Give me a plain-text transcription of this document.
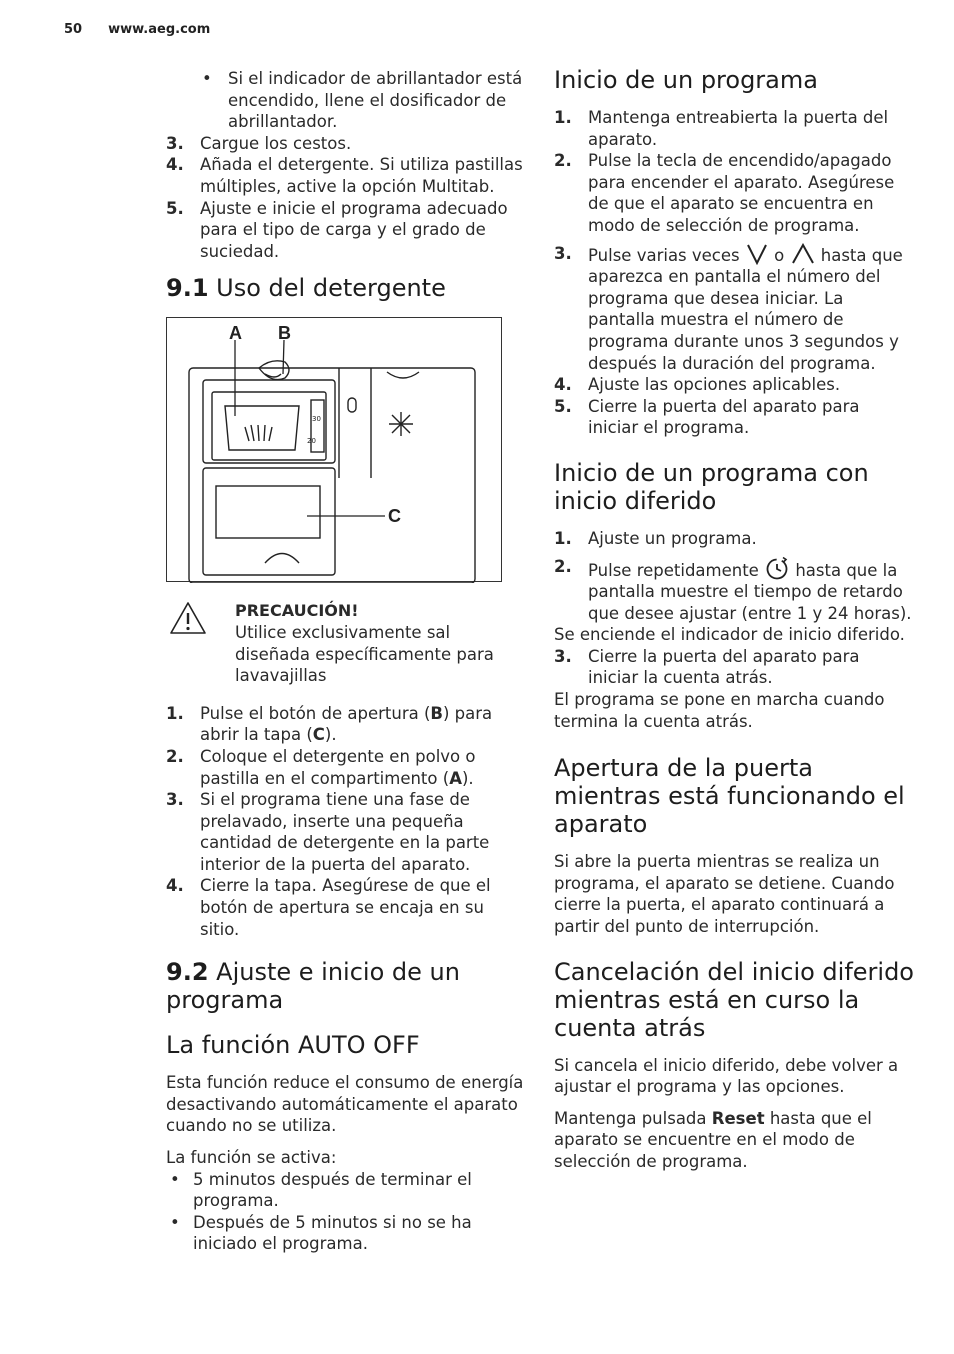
50 www.aeg.com
• Si el indicador de abrillantador está encendido, llene el dosificador de abrillantador.
3. Cargue los cestos.
4. Añada el detergente. Si utiliza pastillas múltiples, active la opción Multitab.
5. Ajuste e inicie el programa adecuado para el tipo de carga y el grado de suciedad.
9.1 Uso del detergente
A B
C
30
20
PRECAUCIÓN!
Utilice exclusivamente sal diseñada específicamente para lavavajillas
1. Pulse el botón de apertura (B) para abrir la tapa (C).
2. Coloque el detergente en polvo o pastilla en el compartimento (A).
3. Si el programa tiene una fase de prelavado, inserte una pequeña cantidad de detergente en la parte interior de la puerta del aparato.
4. Cierre la tapa. Asegúrese de que el botón de apertura se encaja en su sitio.
9.2 Ajuste e inicio de un programa
La función AUTO OFF

Esta función reduce el consumo de energía desactivando automáticamente el aparato cuando no se utiliza.

La función se activa:

• 5 minutos después de terminar el programa.
• Después de 5 minutos si no se ha iniciado el programa.
Inicio de un programa
1. Mantenga entreabierta la puerta del aparato.
2. Pulse la tecla de encendido/apagado para encender el aparato. Asegúrese de que el aparato se encuentra en modo de selección de programa.
3. Pulse varias veces o hasta que aparezca en pantalla el número del programa que desea iniciar. La pantalla muestra el número de programa durante unos 3 segundos y después la duración del programa.
4. Ajuste las opciones aplicables.
5. Cierre la puerta del aparato para iniciar el programa.
Inicio de un programa con inicio diferido
1. Ajuste un programa.
2. Pulse repetidamente hasta que la pantalla muestre el tiempo de retardo que desee ajustar (entre 1 y 24 horas).

Se enciende el indicador de inicio diferido.

3. Cierre la puerta del aparato para iniciar la cuenta atrás.

El programa se pone en marcha cuando termina la cuenta atrás.

Apertura de la puerta mientras está funcionando el aparato

Si abre la puerta mientras se realiza un programa, el aparato se detiene. Cuando cierre la puerta, el aparato continuará a partir del punto de interrupción.

Cancelación del inicio diferido mientras está en curso la cuenta atrás

Si cancela el inicio diferido, debe volver a ajustar el programa y las opciones.

Mantenga pulsada Reset hasta que el aparato se encuentre en el modo de selección de programa.
